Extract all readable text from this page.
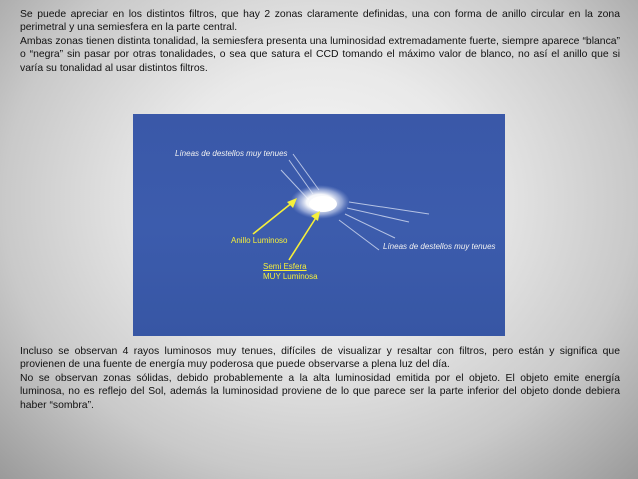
Se puede apreciar en los distintos filtros, que hay 2 zonas claramente definidas, una con forma de anillo circular en la zona perimetral y una semiesfera en la parte central.
Ambas zonas tienen distinta tonalidad, la semiesfera presenta una luminosidad extremadamente fuerte, siempre aparece “blanca” o “negra” sin pasar por otras tonalidades, o sea que satura el CCD tomando el máximo valor de blanco, no así el anillo que si varía su tonalidad al usar distintos filtros.

Líneas de destellos muy tenues
Líneas de destellos muy tenues
Anillo Luminoso
Semi Esfera
MUY Luminosa

Incluso se observan 4 rayos luminosos muy tenues, difíciles de visualizar y resaltar con filtros, pero están y significa que provienen de una fuente de energía muy poderosa que puede observarse a plena luz del día.
No se observan zonas sólidas, debido probablemente a la alta luminosidad emitida por el objeto. El objeto emite energía luminosa, no es reflejo del Sol, además la luminosidad proviene de lo que parece ser la parte inferior del objeto donde debiera haber “sombra”.
